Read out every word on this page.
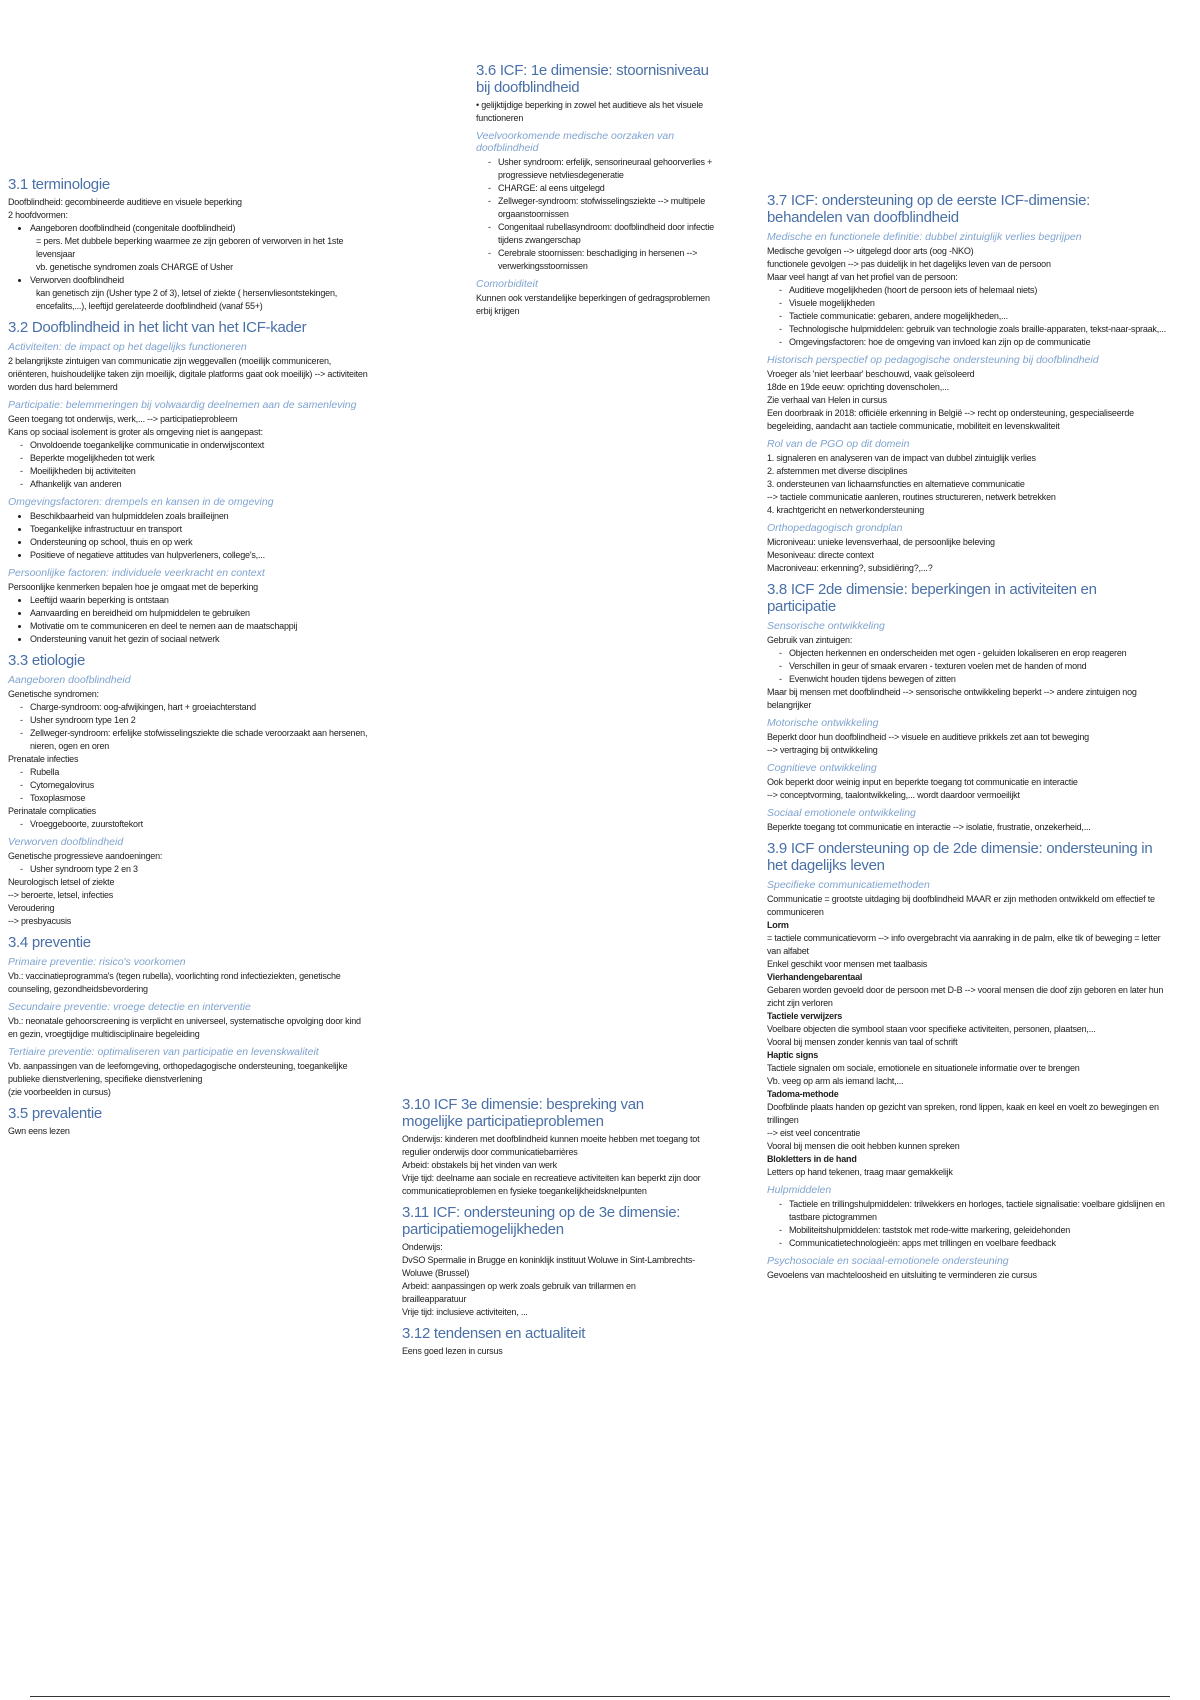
3.1 terminologie

Doofblindheid: gecombineerde auditieve en visuele beperking

2 hoofdvormen:

• Aangeboren doofblindheid (congenitale doofblindheid)

= pers. Met dubbele beperking waarmee ze zijn geboren of verworven in het 1ste levensjaar

vb. genetische syndromen zoals CHARGE of Usher

• Verworven doofblindheid

kan genetisch zijn (Usher type 2 of 3), letsel of ziekte ( hersenvliesontstekingen, encefalits,...), leeftijd gerelateerde doofblindheid (vanaf 55+)

3.2 Doofblindheid in het licht van het ICF-kader
Activiteiten: de impact op het dagelijks functioneren

2 belangrijkste zintuigen van communicatie zijn weggevallen (moeilijk communiceren, oriënteren, huishoudelijke taken zijn moeilijk, digitale platforms gaat ook moeilijk) --> activiteiten worden dus hard belemmerd

Participatie: belemmeringen bij volwaardig deelnemen aan de samenleving

Geen toegang tot onderwijs, werk,... --> participatieprobleem

Kans op sociaal isolement is groter als omgeving niet is aangepast:

- Onvoldoende toegankelijke communicatie in onderwijscontext
- Beperkte mogelijkheden tot werk
- Moeilijkheden bij activiteiten
- Afhankelijk van anderen
Omgevingsfactoren: drempels en kansen in de omgeving
• Beschikbaarheid van hulpmiddelen zoals brailleijnen
• Toegankelijke infrastructuur en transport
• Ondersteuning op school, thuis en op werk
• Positieve of negatieve attitudes van hulpverleners, college's,...
Persoonlijke factoren: individuele veerkracht en context

Persoonlijke kenmerken bepalen hoe je omgaat met de beperking

• Leeftijd waarin beperking is ontstaan
• Aanvaarding en bereidheid om hulpmiddelen te gebruiken
• Motivatie om te communiceren en deel te nemen aan de maatschappij
• Ondersteuning vanuit het gezin of sociaal netwerk
3.3 etiologie
Aangeboren doofblindheid

Genetische syndromen:

- Charge-syndroom: oog-afwijkingen, hart + groeiachterstand
- Usher syndroom type 1en 2
- Zellweger-syndroom: erfelijke stofwisselingsziekte die schade veroorzaakt aan hersenen, nieren, ogen en oren

Prenatale infecties

- Rubella
- Cytomegalovirus
- Toxoplasmose

Perinatale complicaties

- Vroeggeboorte, zuurstoftekort
Verworven doofblindheid

Genetische progressieve aandoeningen:

- Usher syndroom type 2 en 3

Neurologisch letsel of ziekte

--> beroerte, letsel, infecties

Veroudering

--> presbyacusis

3.4 preventie
Primaire preventie: risico's voorkomen

Vb.: vaccinatieprogramma's (tegen rubella), voorlichting rond infectieziekten, genetische counseling, gezondheidsbevordering

Secundaire preventie: vroege detectie en interventie

Vb.: neonatale gehoorscreening is verplicht en universeel, systematische opvolging door kind en gezin, vroegtijdige multidisciplinaire begeleiding

Tertiaire preventie: optimaliseren van participatie en levenskwaliteit

Vb. aanpassingen van de leefomgeving, orthopedagogische ondersteuning, toegankelijke publieke dienstverlening, specifieke dienstverlening

(zie voorbeelden in cursus)

3.5 prevalentie

Gwn eens lezen

3.6 ICF: 1e dimensie: stoornisniveau bij doofblindheid

• gelijktijdige beperking in zowel het auditieve als het visuele functioneren

Veelvoorkomende medische oorzaken van doofblindheid
- Usher syndroom: erfelijk, sensorineuraal gehoorverlies + progressieve netvliesdegeneratie
- CHARGE: al eens uitgelegd
- Zellweger-syndroom: stofwisselingsziekte --> multipele orgaanstoornissen
- Congenitaal rubellasyndroom: doofblindheid door infectie tijdens zwangerschap
- Cerebrale stoornissen: beschadiging in hersenen --> verwerkingsstoornissen
Comorbiditeit

Kunnen ook verstandelijke beperkingen of gedragsproblemen erbij krijgen

3.10 ICF 3e dimensie: bespreking van mogelijke participatieproblemen

Onderwijs: kinderen met doofblindheid kunnen moeite hebben met toegang tot regulier onderwijs door communicatiebarrières

Arbeid: obstakels bij het vinden van werk

Vrije tijd: deelname aan sociale en recreatieve activiteiten kan beperkt zijn door communicatieproblemen en fysieke toegankelijkheidsknelpunten

3.11 ICF: ondersteuning op de 3e dimensie: participatiemogelijkheden

Onderwijs:

DvSO Spermalie in Brugge en koninklijk instituut Woluwe in Sint-Lambrechts-Woluwe (Brussel)

Arbeid: aanpassingen op werk zoals gebruik van trillarmen en brailleapparatuur

Vrije tijd: inclusieve activiteiten, ...

3.12 tendensen en actualiteit

Eens goed lezen in cursus

3.7 ICF: ondersteuning op de eerste ICF-dimensie: behandelen van doofblindheid
Medische en functionele definitie: dubbel zintuiglijk verlies begrijpen

Medische gevolgen --> uitgelegd door arts (oog -NKO)

functionele gevolgen --> pas duidelijk in het dagelijks leven van de persoon

Maar veel hangt af van het profiel van de persoon:

- Auditieve mogelijkheden (hoort de persoon iets of helemaal niets)
- Visuele mogelijkheden
- Tactiele communicatie: gebaren, andere mogelijkheden,...
- Technologische hulpmiddelen: gebruik van technologie zoals braille-apparaten, tekst-naar-spraak,...
- Omgevingsfactoren: hoe de omgeving van invloed kan zijn op de communicatie
Historisch perspectief op pedagogische ondersteuning bij doofblindheid

Vroeger als 'niet leerbaar' beschouwd, vaak geïsoleerd

18de en 19de eeuw: oprichting dovenscholen,...

Zie verhaal van Helen in cursus

Een doorbraak in 2018: officiële erkenning in België --> recht op ondersteuning, gespecialiseerde begeleiding, aandacht aan tactiele communicatie, mobiliteit en levenskwaliteit

Rol van de PGO op dit domein

1. signaleren en analyseren van de impact van dubbel zintuiglijk verlies

2. afstemmen met diverse disciplines

3. ondersteunen van lichaamsfuncties en alternatieve communicatie

--> tactiele communicatie aanleren, routines structureren, netwerk betrekken

4. krachtgericht en netwerkondersteuning

Orthopedagogisch grondplan

Microniveau: unieke levensverhaal, de persoonlijke beleving

Mesoniveau: directe context

Macroniveau: erkenning?, subsidiëring?,...?

3.8 ICF 2de dimensie: beperkingen in activiteiten en participatie
Sensorische ontwikkeling

Gebruik van zintuigen:

- Objecten herkennen en onderscheiden met ogen - geluiden lokaliseren en erop reageren
- Verschillen in geur of smaak ervaren - texturen voelen met de handen of mond
- Evenwicht houden tijdens bewegen of zitten

Maar bij mensen met doofblindheid --> sensorische ontwikkeling beperkt --> andere zintuigen nog belangrijker

Motorische ontwikkeling

Beperkt door hun doofblindheid --> visuele en auditieve prikkels zet aan tot beweging

--> vertraging bij ontwikkeling

Cognitieve ontwikkeling

Ook beperkt door weinig input en beperkte toegang tot communicatie en interactie

--> conceptvorming, taalontwikkeling,... wordt daardoor vermoeilijkt

Sociaal emotionele ontwikkeling

Beperkte toegang tot communicatie en interactie --> isolatie, frustratie, onzekerheid,...

3.9 ICF ondersteuning op de 2de dimensie: ondersteuning in het dagelijks leven
Specifieke communicatiemethoden

Communicatie = grootste uitdaging bij doofblindheid MAAR er zijn methoden ontwikkeld om effectief te communiceren

Lorm

= tactiele communicatievorm --> info overgebracht via aanraking in de palm, elke tik of beweging = letter van alfabet

Enkel geschikt voor mensen met taalbasis

Vierhandengebarentaal

Gebaren worden gevoeld door de persoon met D-B --> vooral mensen die doof zijn geboren en later hun zicht zijn verloren

Tactiele verwijzers

Voelbare objecten die symbool staan voor specifieke activiteiten, personen, plaatsen,...

Vooral bij mensen zonder kennis van taal of schrift

Haptic signs

Tactiele signalen om sociale, emotionele en situationele informatie over te brengen

Vb. veeg op arm als iemand lacht,...

Tadoma-methode

Doofblinde plaats handen op gezicht van spreken, rond lippen, kaak en keel en voelt zo bewegingen en trillingen

--> eist veel concentratie

Vooral bij mensen die ooit hebben kunnen spreken

Blokletters in de hand

Letters op hand tekenen, traag maar gemakkelijk

Hulpmiddelen
- Tactiele en trillingshulpmiddelen: trilwekkers en horloges, tactiele signalisatie: voelbare gidslijnen en tastbare pictogrammen
- Mobiliteitshulpmiddelen: taststok met rode-witte markering, geleidehonden
- Communicatietechnologieën: apps met trillingen en voelbare feedback
Psychosociale en sociaal-emotionele ondersteuning

Gevoelens van machteloosheid en uitsluiting te verminderen zie cursus
